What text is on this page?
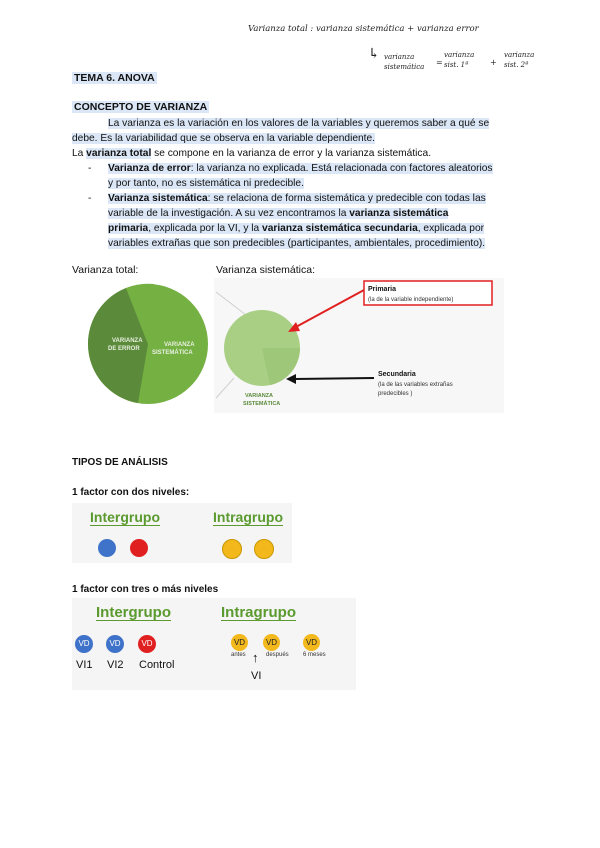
Varianza total : varianza sistemática + varianza error
↳ varianza
sistemática =
varianza
sist. 1ª	+
varianza
sist. 2ª
TEMA 6. ANOVA
CONCEPTO DE VARIANZA
La varianza es la variación en los valores de la variables y queremos saber a qué se
debe. Es la variabilidad que se observa en la variable dependiente.
La varianza total se compone en la varianza de error y la varianza sistemática.
- Varianza de error: la varianza no explicada. Está relacionada con factores aleatorios
y por tanto, no es sistemática ni predecible.
- Varianza sistemática: se relaciona de forma sistemática y predecible con todas las
variable de la investigación. A su vez encontramos la varianza sistemática
primaria, explicada por la VI, y la varianza sistemática secundaria, explicada por
variables extrañas que son predecibles (participantes, ambientales, procedimiento).
Varianza total:	Varianza sistemática:
VARIANZA
DE ERROR
VARIANZA
SISTEMÁTICA
VARIANZA
SISTEMÁTICA
Primaria
(la de la variable independiente)
Secundaria
(la de las variables extrañas
predecibles )
TIPOS DE ANÁLISIS
1 factor con dos niveles:
Intergrupo	Intragrupo
1 factor con tres o más niveles
Intergrupo	Intragrupo
VD	VD	VD
VI1 VI2 Control
VD	VD	VD
antes	después 6 meses
↑
VI
